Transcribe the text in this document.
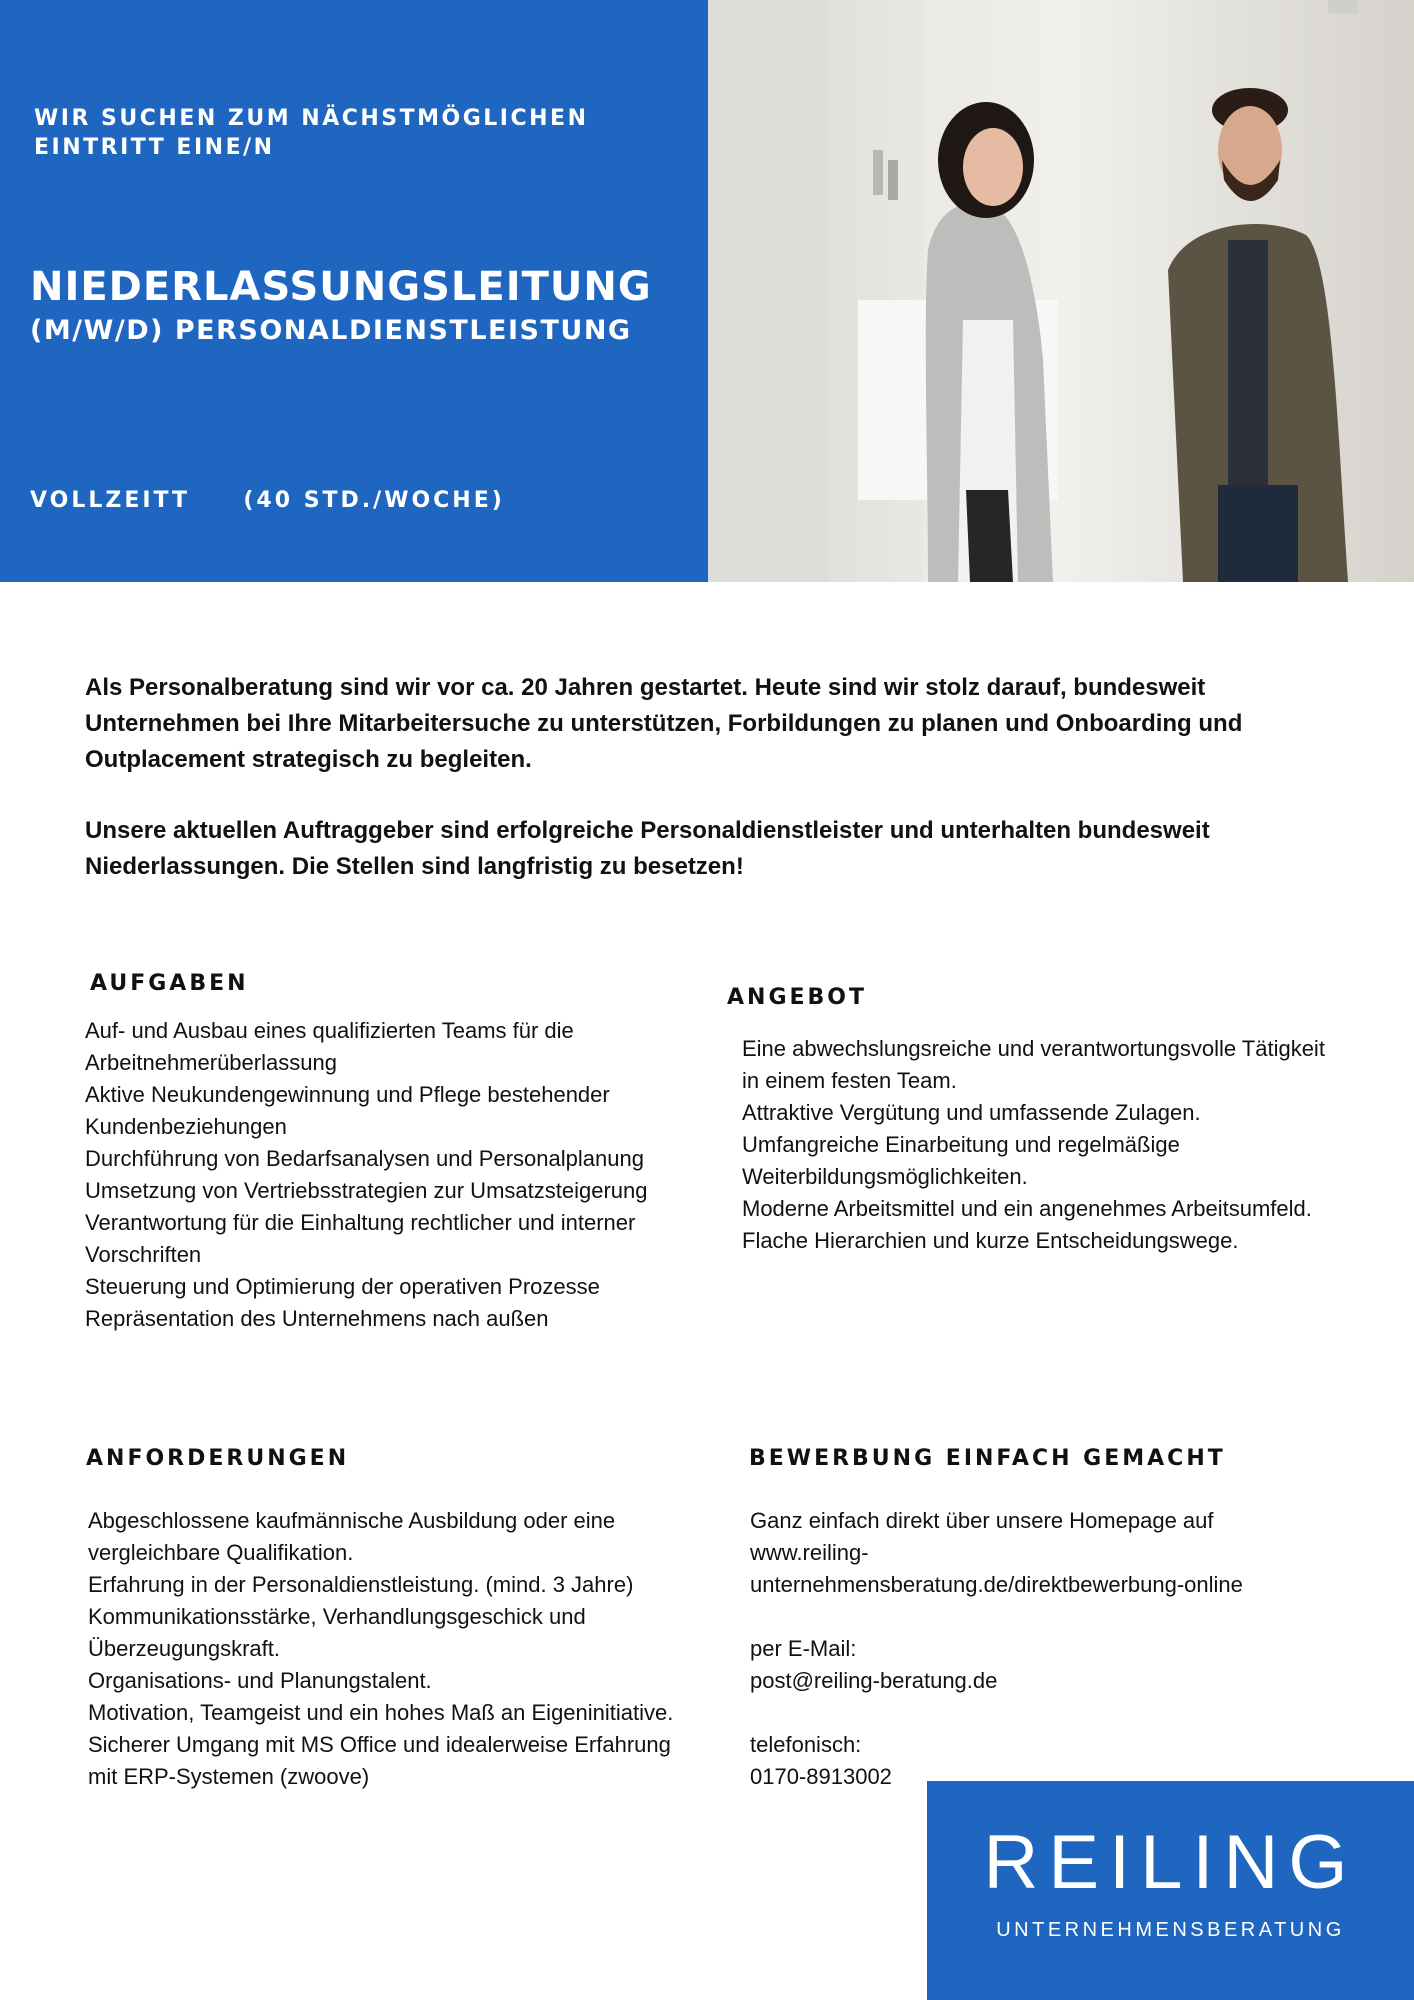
WIR SUCHEN ZUM NÄCHSTMÖGLICHEN EINTRITT EINE/N

NIEDERLASSUNGSLEITUNG
(M/W/D) PERSONALDIENSTLEISTUNG
VOLLZEITT     (40 STD./WOCHE)

Als Personalberatung sind wir vor ca. 20 Jahren gestartet. Heute sind wir stolz darauf, bundesweit Unternehmen bei Ihre Mitarbeitersuche zu unterstützen, Forbildungen zu planen und Onboarding und Outplacement strategisch zu begleiten.

Unsere aktuellen Auftraggeber sind erfolgreiche Personaldienstleister und unterhalten bundesweit Niederlassungen. Die Stellen sind langfristig zu besetzen!

AUFGABEN
Auf- und Ausbau eines qualifizierten Teams für die Arbeitnehmerüberlassung
Aktive Neukundengewinnung und Pflege bestehender Kundenbeziehungen
Durchführung von Bedarfsanalysen und Personalplanung
Umsetzung von Vertriebsstrategien zur Umsatzsteigerung
Verantwortung für die Einhaltung rechtlicher und interner Vorschriften
Steuerung und Optimierung der operativen Prozesse
Repräsentation des Unternehmens nach außen
ANGEBOT
Eine abwechslungsreiche und verantwortungsvolle Tätigkeit in einem festen Team.
Attraktive Vergütung und umfassende Zulagen.
Umfangreiche Einarbeitung und regelmäßige Weiterbildungsmöglichkeiten.
Moderne Arbeitsmittel und ein angenehmes Arbeitsumfeld.
Flache Hierarchien und kurze Entscheidungswege.
ANFORDERUNGEN
Abgeschlossene kaufmännische Ausbildung oder eine vergleichbare Qualifikation.
Erfahrung in der Personaldienstleistung. (mind. 3 Jahre)
Kommunikationsstärke, Verhandlungsgeschick und Überzeugungskraft.
Organisations- und Planungstalent.
Motivation, Teamgeist und ein hohes Maß an Eigeninitiative.
Sicherer Umgang mit MS Office und idealerweise Erfahrung mit ERP-Systemen (zwoove)
BEWERBUNG EINFACH GEMACHT

Ganz einfach direkt über unsere Homepage auf
www.reiling-
unternehmensberatung.de/direktbewerbung-online

per E-Mail:
post@reiling-beratung.de

telefonisch:
0170-8913002

REILING
UNTERNEHMENSBERATUNG
